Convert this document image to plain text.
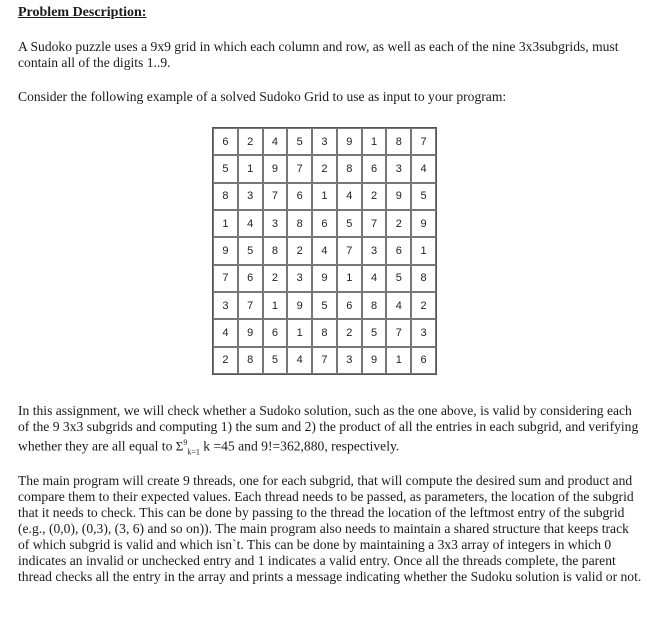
Problem Description:

A Sudoko puzzle uses a 9x9 grid in which each column and row, as well as each of the nine 3x3subgrids, must contain all of the digits 1..9.

Consider the following example of a solved Sudoko Grid to use as input to your program:

6	2	4	5	3	9	1	8	7
5	1	9	7	2	8	6	3	4
8	3	7	6	1	4	2	9	5
1	4	3	8	6	5	7	2	9
9	5	8	2	4	7	3	6	1
7	6	2	3	9	1	4	5	8
3	7	1	9	5	6	8	4	2
4	9	6	1	8	2	5	7	3
2	8	5	4	7	3	9	1	6

In this assignment, we will check whether a Sudoko solution, such as the one above, is valid by considering each of the 9 3x3 subgrids and computing 1) the sum and 2) the product of all the entries in each subgrid, and verifying whether they are all equal to $\Sigma^9_{k=1}$ k =45 and 9!=362,880, respectively.

The main program will create 9 threads, one for each subgrid, that will compute the desired sum and product and compare them to their expected values. Each thread needs to be passed, as parameters, the location of the subgrid that it needs to check. This can be done by passing to the thread the location of the leftmost entry of the subgrid (e.g., (0,0), (0,3), (3, 6) and so on)). The main program also needs to maintain a shared structure that keeps track of which subgrid is valid and which isn`t. This can be done by maintaining a 3x3 array of integers in which 0 indicates an invalid or unchecked entry and 1 indicates a valid entry. Once all the threads complete, the parent thread checks all the entry in the array and prints a message indicating whether the Sudoku solution is valid or not.
